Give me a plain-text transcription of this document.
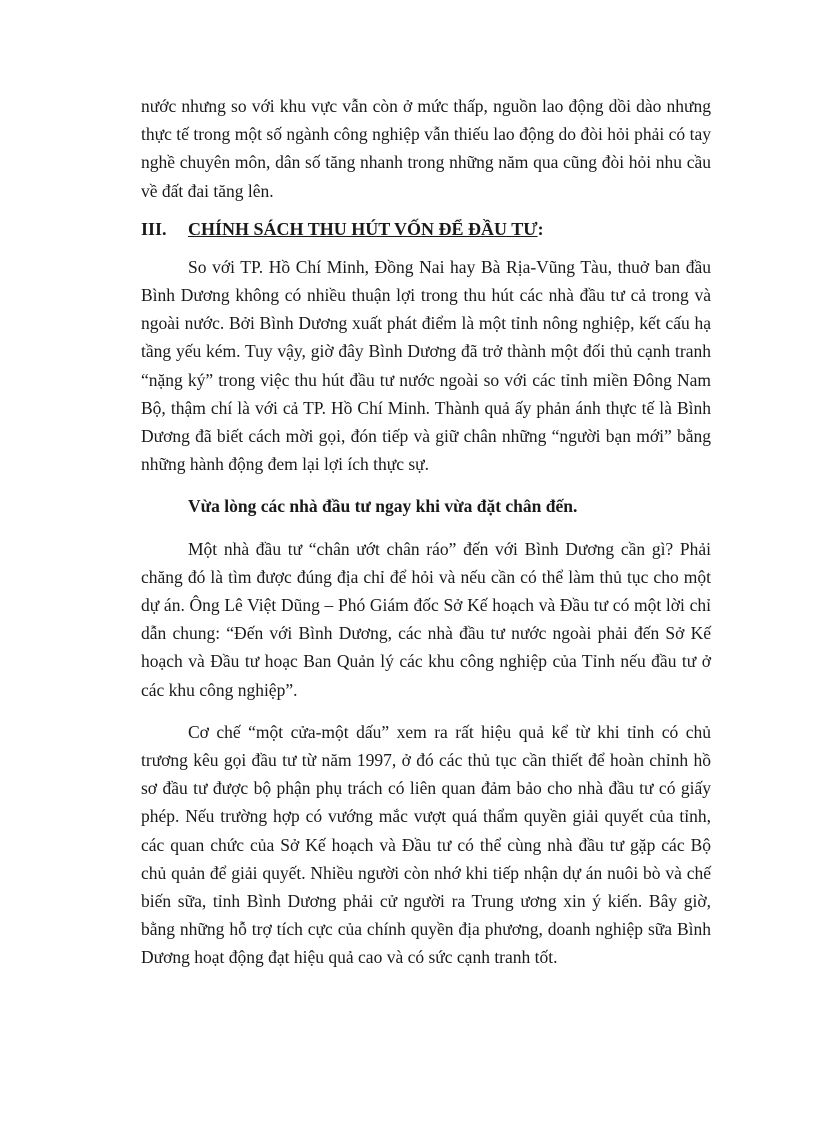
nước nhưng so với khu vực vẫn còn ở mức thấp, nguồn lao động dồi dào nhưng thực tế trong một số ngành công nghiệp vẫn thiếu lao động do đòi hỏi phải có tay nghề chuyên môn, dân số tăng nhanh trong những năm qua cũng đòi hỏi nhu cầu về đất đai tăng lên.

III.	CHÍNH SÁCH THU HÚT VỐN ĐỂ ĐẦU TƯ :

So với TP. Hồ Chí Minh, Đồng Nai hay Bà Rịa-Vũng Tàu, thuở ban đầu Bình Dương không có nhiều thuận lợi trong thu hút các nhà đầu tư cả trong và ngoài nước. Bởi Bình Dương xuất phát điểm là một tỉnh nông nghiệp, kết cấu hạ tầng yếu kém. Tuy vậy, giờ đây Bình Dương đã trở thành một đối thủ cạnh tranh “nặng ký” trong việc thu hút đầu tư nước ngoài so với các tỉnh miền Đông Nam Bộ, thậm chí là với cả TP. Hồ Chí Minh. Thành quả ấy phản ánh thực tế là Bình Dương đã biết cách mời gọi, đón tiếp và giữ chân những “người bạn mới” bằng những hành động đem lại lợi ích thực sự.

Vừa lòng các nhà đầu tư ngay khi vừa đặt chân đến.

Một nhà đầu tư “chân ướt chân ráo” đến với Bình Dương cần gì? Phải chăng đó là tìm được đúng địa chỉ để hỏi và nếu cần có thể làm thủ tục cho một dự án. Ông Lê Việt Dũng – Phó Giám đốc Sở Kế hoạch và Đầu tư có một lời chỉ dẫn chung: “Đến với Bình Dương, các nhà đầu tư nước ngoài phải đến Sở Kế hoạch và Đầu tư hoạc Ban Quản lý các khu công nghiệp của Tỉnh nếu đầu tư ở các khu công nghiệp”.

Cơ chế “một cửa-một dấu” xem ra rất hiệu quả kể từ khi tỉnh có chủ trương kêu gọi đầu tư từ năm 1997, ở đó các thủ tục cần thiết để hoàn chỉnh hồ sơ đầu tư được bộ phận phụ trách có liên quan đảm bảo cho nhà đầu tư có giấy phép. Nếu trường hợp có vướng mắc vượt quá thẩm quyền giải quyết của tỉnh, các quan chức của Sở Kế hoạch và Đầu tư có thể cùng nhà đầu tư gặp các Bộ chủ quản để giải quyết. Nhiều người còn nhớ khi tiếp nhận dự án nuôi bò và chế biến sữa, tỉnh Bình Dương phải cử người ra Trung ương xin ý kiến. Bây giờ, bằng những hỗ trợ tích cực của chính quyền địa phương, doanh nghiệp sữa Bình Dương hoạt động đạt hiệu quả cao và có sức cạnh tranh tốt.
